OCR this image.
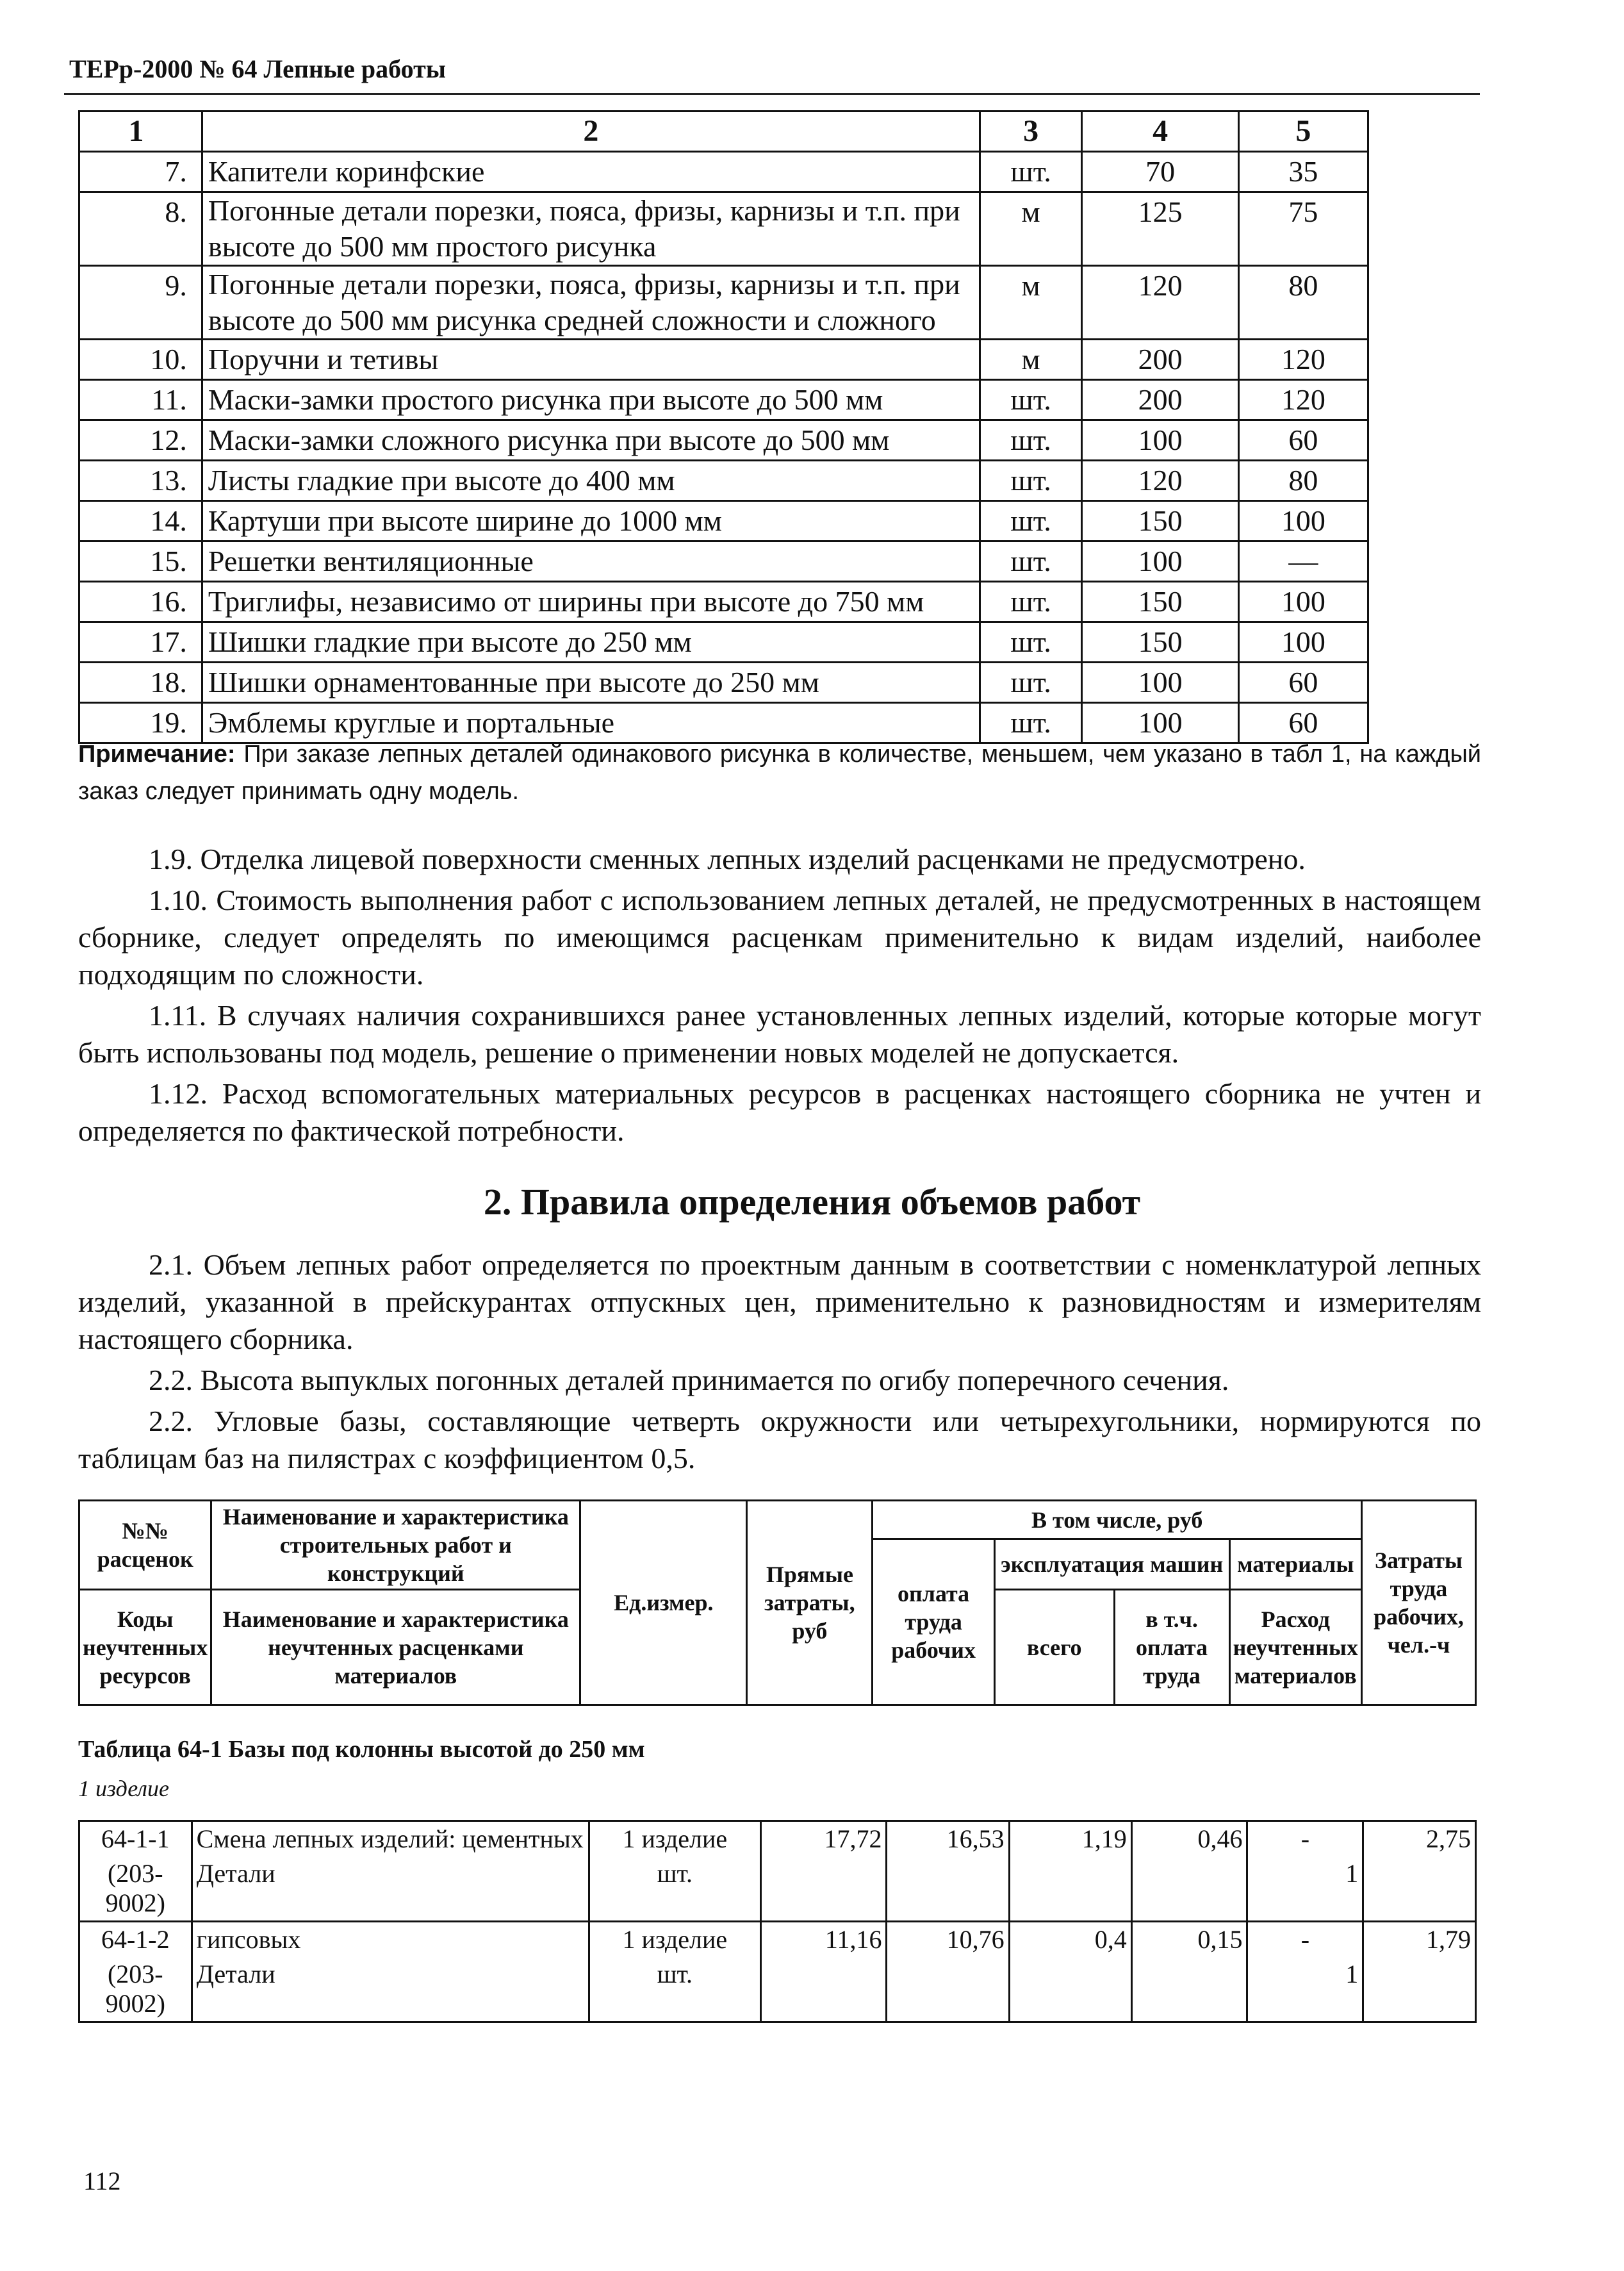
ТЕРр-2000 № 64 Лепные работы
1	2	3	4	5
7.	Капители коринфские	шт.	70	35
8.	Погонные детали порезки, пояса, фризы, карнизы и т.п. при высоте до 500 мм простого рисунка	м	125	75
9.	Погонные детали порезки, пояса, фризы, карнизы и т.п. при высоте до 500 мм рисунка средней сложности и сложного	м	120	80
10.	Поручни и тетивы	м	200	120
11.	Маски-замки простого рисунка при высоте до 500 мм	шт.	200	120
12.	Маски-замки сложного рисунка при высоте до 500 мм	шт.	100	60
13.	Листы гладкие при высоте до 400 мм	шт.	120	80
14.	Картуши при высоте ширине до 1000 мм	шт.	150	100
15.	Решетки вентиляционные	шт.	100	—
16.	Триглифы, независимо от ширины при высоте до 750 мм	шт.	150	100
17.	Шишки гладкие при высоте до 250 мм	шт.	150	100
18.	Шишки орнаментованные при высоте до 250 мм	шт.	100	60
19.	Эмблемы круглые и портальные	шт.	100	60
Примечание: При заказе лепных деталей одинакового рисунка в количестве, меньшем, чем указано в табл 1, на каждый заказ следует принимать одну модель.

1.9. Отделка лицевой поверхности сменных лепных изделий расценками не предусмотрено.

1.10. Стоимость выполнения работ с использованием лепных деталей, не предусмотренных в настоящем сборнике, следует определять по имеющимся расценкам применительно к видам изделий, наиболее подходящим по сложности.

1.11. В случаях наличия сохранившихся ранее установленных лепных изделий, которые которые могут быть использованы под модель, решение о применении новых моделей не допускается.

1.12. Расход вспомогательных материальных ресурсов в расценках настоящего сборника не учтен и определяется по фактической потребности.

2. Правила определения объемов работ

2.1. Объем лепных работ определяется по проектным данным в соответствии с номенклатурой лепных изделий, указанной в прейскурантах отпускных цен, применительно к разновидностям и измерителям настоящего сборника.

2.2. Высота выпуклых погонных деталей принимается по огибу поперечного сечения.

2.2. Угловые базы, составляющие четверть окружности или четырехугольники, нормируются по таблицам баз на пилястрах с коэффициентом 0,5.

№№ расценок	Наименование и характеристика строительных работ и конструкций	Ед.измер.	Прямые затраты, руб	В том числе, руб				Затраты труда рабочих, чел.-ч
				оплата труда рабочих	эксплуатация машин		материалы	
Коды неучтенных ресурсов	Наименование и характеристика неучтенных расценками материалов				всего	в т.ч. оплата труда	Расход неучтенных материалов	

Таблица 64-1 Базы под колонны высотой до 250 мм
1 изделие
64-1-1	Смена лепных изделий: цементных	1 изделие	17,72	16,53	1,19	0,46	-	2,75
(203-9002)	Детали	шт.					1	
64-1-2	гипсовых	1 изделие	11,16	10,76	0,4	0,15	-	1,79
(203-9002)	Детали	шт.					1	
112
